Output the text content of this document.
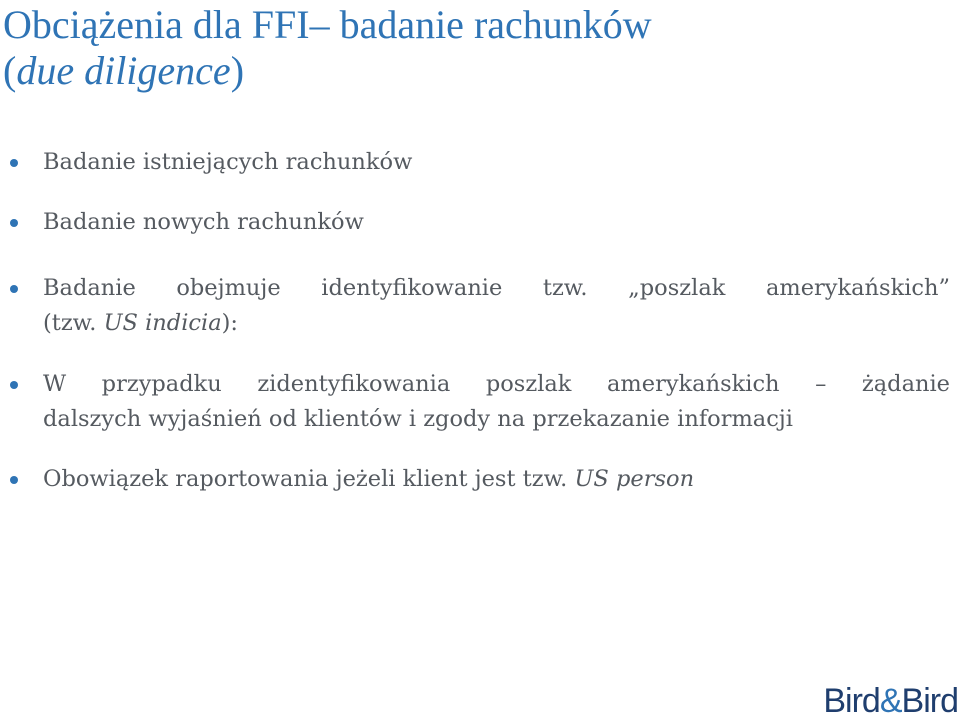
Obciążenia dla FFI– badanie rachunków
(due diligence)
Badanie istniejących rachunków
Badanie nowych rachunków
Badanie obejmuje identyfikowanie tzw. „poszlak amerykańskich”
(tzw. US indicia):
W przypadku zidentyfikowania poszlak amerykańskich – żądanie
dalszych wyjaśnień od klientów i zgody na przekazanie informacji
Obowiązek raportowania jeżeli klient jest tzw. US person
© Bird & Bird Maciej Gawroński sp.k. 2013	Konsekwencje dla sektora bankowego wynikające z przyjęcia FATCA	Bird&Bird
